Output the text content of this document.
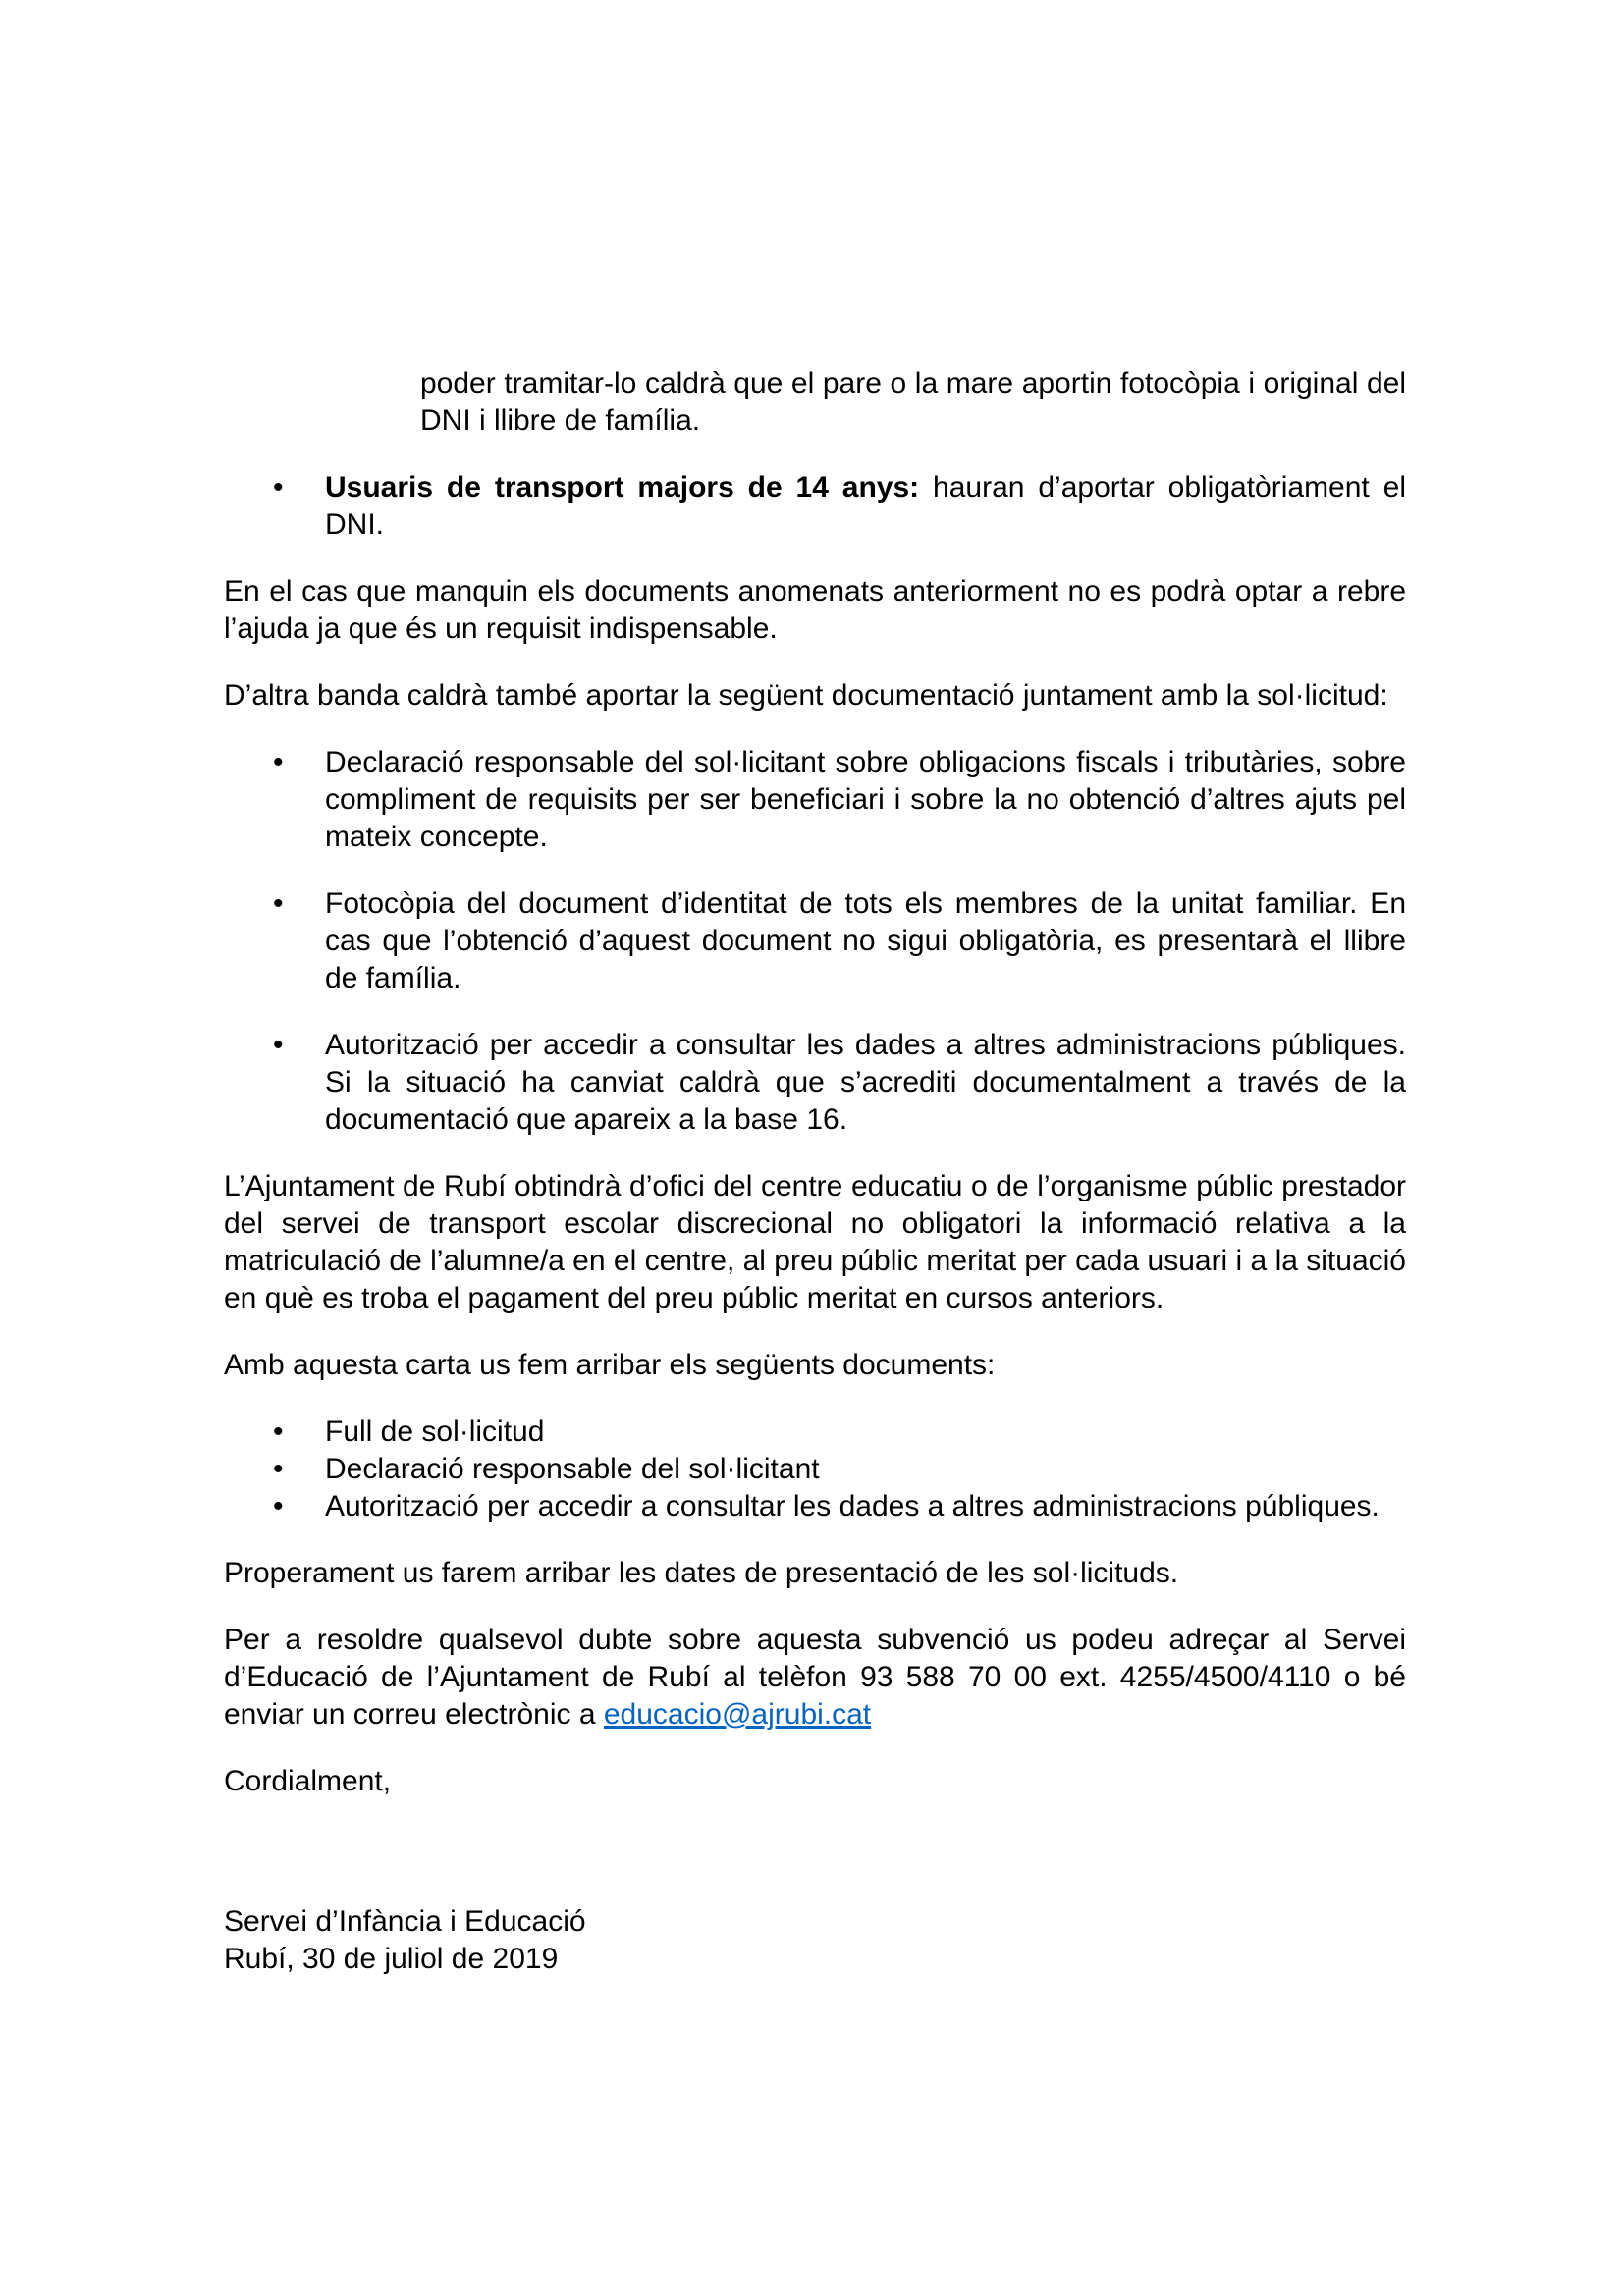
poder tramitar-lo caldrà que el pare o la mare aportin fotocòpia i original del DNI i llibre de família.

•	Usuaris de transport majors de 14 anys: hauran d’aportar obligatòriament el DNI.

En el cas que manquin els documents anomenats anteriorment no es podrà optar a rebre l’ajuda ja que és un requisit indispensable.

D’altra banda caldrà també aportar la següent documentació juntament amb la sol·licitud:

•	Declaració responsable del sol·licitant sobre obligacions fiscals i tributàries, sobre compliment de requisits per ser beneficiari i sobre la no obtenció d’altres ajuts pel mateix concepte.
•	Fotocòpia del document d’identitat de tots els membres de la unitat familiar. En cas que l’obtenció d’aquest document no sigui obligatòria, es presentarà el llibre de família.
•	Autorització per accedir a consultar les dades a altres administracions públiques. Si la situació ha canviat caldrà que s’acrediti documentalment a través de la documentació que apareix a la base 16.

L’Ajuntament de Rubí obtindrà d’ofici del centre educatiu o de l’organisme públic prestador del servei de transport escolar discrecional no obligatori la informació relativa a la matriculació de l’alumne/a en el centre, al preu públic meritat per cada usuari i a la situació en què es troba el pagament del preu públic meritat en cursos anteriors.

Amb aquesta carta us fem arribar els següents documents:

•	Full de sol·licitud
•	Declaració responsable del sol·licitant
•	Autorització per accedir a consultar les dades a altres administracions públiques.

Properament us farem arribar les dates de presentació de les sol·licituds.

Per a resoldre qualsevol dubte sobre aquesta subvenció us podeu adreçar al Servei d’Educació de l’Ajuntament de Rubí al telèfon 93 588 70 00 ext. 4255/4500/4110 o bé enviar un correu electrònic a educacio@ajrubi.cat

Cordialment,

Servei d’Infància i Educació

Rubí, 30 de juliol de 2019
